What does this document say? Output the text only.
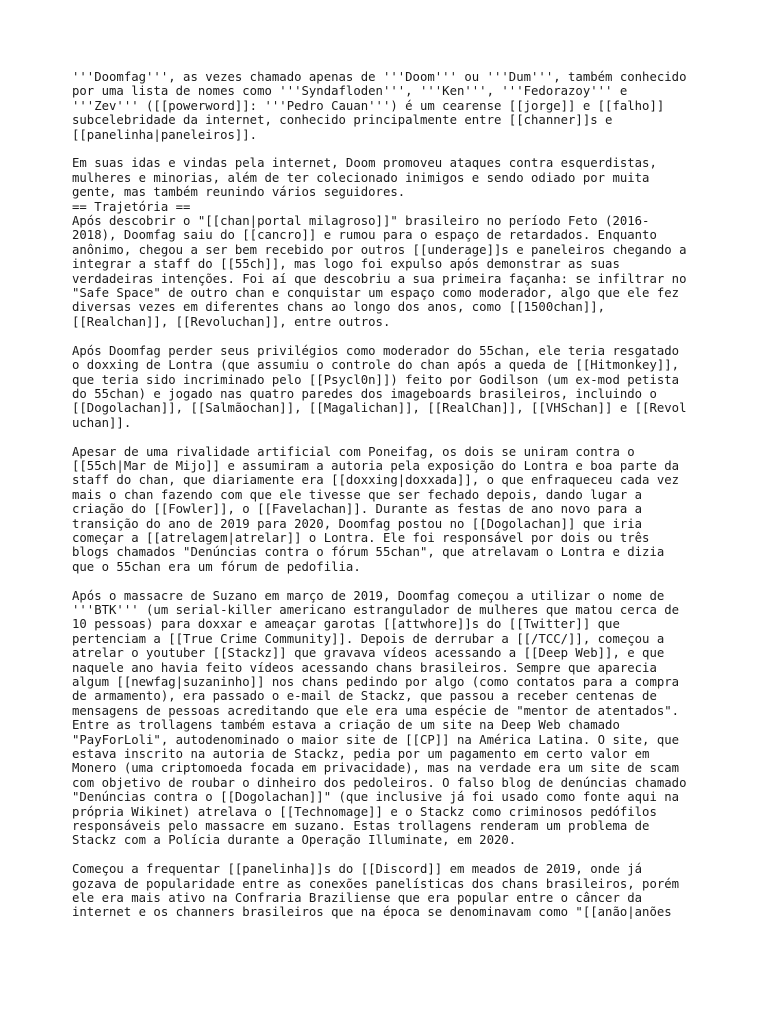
'''Doomfag''', as vezes chamado apenas de '''Doom''' ou '''Dum''', também conhecido
por uma lista de nomes como '''Syndafloden''', '''Ken''', '''Fedorazoy''' e
'''Zev''' ([[powerword]]: '''Pedro Cauan''') é um cearense [[jorge]] e [[falho]]
subcelebridade da internet, conhecido principalmente entre [[channer]]s e
[[panelinha|paneleiros]].
Em suas idas e vindas pela internet, Doom promoveu ataques contra esquerdistas,
mulheres e minorias, além de ter colecionado inimigos e sendo odiado por muita
gente, mas também reunindo vários seguidores.
== Trajetória ==
Após descobrir o "[[chan|portal milagroso]]" brasileiro no período Feto (2016-
2018), Doomfag saiu do [[cancro]] e rumou para o espaço de retardados. Enquanto
anônimo, chegou a ser bem recebido por outros [[underage]]s e paneleiros chegando a
integrar a staff do [[55ch]], mas logo foi expulso após demonstrar as suas
verdadeiras intenções. Foi aí que descobriu a sua primeira façanha: se infiltrar no
"Safe Space" de outro chan e conquistar um espaço como moderador, algo que ele fez
diversas vezes em diferentes chans ao longo dos anos, como [[1500chan]],
[[Realchan]], [[Revoluchan]], entre outros.
Após Doomfag perder seus privilégios como moderador do 55chan, ele teria resgatado
o doxxing de Lontra (que assumiu o controle do chan após a queda de [[Hitmonkey]],
que teria sido incriminado pelo [[Psycl0n]]) feito por Godilson (um ex-mod petista
do 55chan) e jogado nas quatro paredes dos imageboards brasileiros, incluindo o
[[Dogolachan]], [[Salmãochan]], [[Magalichan]], [[RealChan]], [[VHSchan]] e [[Revol
uchan]].
Apesar de uma rivalidade artificial com Poneifag, os dois se uniram contra o
[[55ch|Mar de Mijo]] e assumiram a autoria pela exposição do Lontra e boa parte da
staff do chan, que diariamente era [[doxxing|doxxada]], o que enfraqueceu cada vez
mais o chan fazendo com que ele tivesse que ser fechado depois, dando lugar a
criação do [[Fowler]], o [[Favelachan]]. Durante as festas de ano novo para a
transição do ano de 2019 para 2020, Doomfag postou no [[Dogolachan]] que iria
começar a [[atrelagem|atrelar]] o Lontra. Ele foi responsável por dois ou três
blogs chamados "Denúncias contra o fórum 55chan", que atrelavam o Lontra e dizia
que o 55chan era um fórum de pedofilia.
Após o massacre de Suzano em março de 2019, Doomfag começou a utilizar o nome de
'''BTK''' (um serial-killer americano estrangulador de mulheres que matou cerca de
10 pessoas) para doxxar e ameaçar garotas [[attwhore]]s do [[Twitter]] que
pertenciam a [[True Crime Community]]. Depois de derrubar a [[/TCC/]], começou a
atrelar o youtuber [[Stackz]] que gravava vídeos acessando a [[Deep Web]], e que
naquele ano havia feito vídeos acessando chans brasileiros. Sempre que aparecia
algum [[newfag|suzaninho]] nos chans pedindo por algo (como contatos para a compra
de armamento), era passado o e-mail de Stackz, que passou a receber centenas de
mensagens de pessoas acreditando que ele era uma espécie de "mentor de atentados".
Entre as trollagens também estava a criação de um site na Deep Web chamado
"PayForLoli", autodenominado o maior site de [[CP]] na América Latina. O site, que
estava inscrito na autoria de Stackz, pedia por um pagamento em certo valor em
Monero (uma criptomoeda focada em privacidade), mas na verdade era um site de scam
com objetivo de roubar o dinheiro dos pedoleiros. O falso blog de denúncias chamado
"Denúncias contra o [[Dogolachan]]" (que inclusive já foi usado como fonte aqui na
própria Wikinet) atrelava o [[Technomage]] e o Stackz como criminosos pedófilos
responsáveis pelo massacre em suzano. Estas trollagens renderam um problema de
Stackz com a Polícia durante a Operação Illuminate, em 2020.
Começou a frequentar [[panelinha]]s do [[Discord]] em meados de 2019, onde já
gozava de popularidade entre as conexões panelísticas dos chans brasileiros, porém
ele era mais ativo na Confraria Braziliense que era popular entre o câncer da
internet e os channers brasileiros que na época se denominavam como "[[anão|anões
